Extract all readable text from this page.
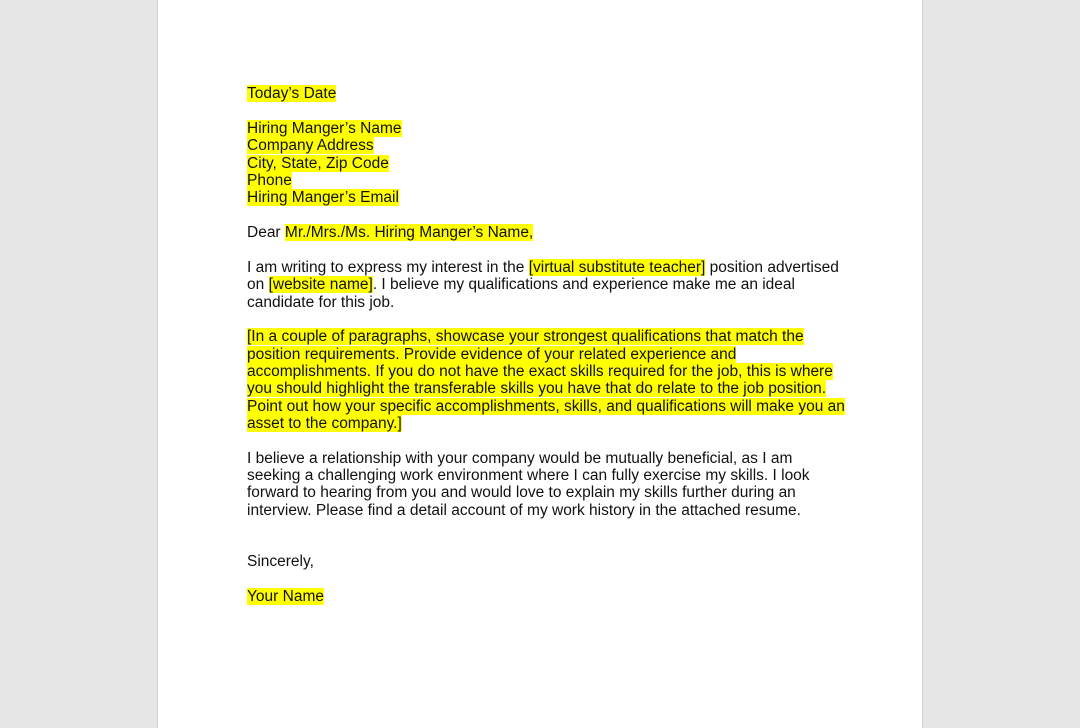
Today’s Date

Hiring Manger’s Name

Company Address

City, State, Zip Code

Phone

Hiring Manger’s Email

Dear Mr./Mrs./Ms. Hiring Manger’s Name,

I am writing to express my interest in the [virtual substitute teacher] position advertised on [website name]. I believe my qualifications and experience make me an ideal candidate for this job.

[In a couple of paragraphs, showcase your strongest qualifications that match the position requirements. Provide evidence of your related experience and accomplishments. If you do not have the exact skills required for the job, this is where you should highlight the transferable skills you have that do relate to the job position. Point out how your specific accomplishments, skills, and qualifications will make you an asset to the company.]

I believe a relationship with your company would be mutually beneficial, as I am seeking a challenging work environment where I can fully exercise my skills. I look forward to hearing from you and would love to explain my skills further during an interview. Please find a detail account of my work history in the attached resume.

Sincerely,

Your Name
